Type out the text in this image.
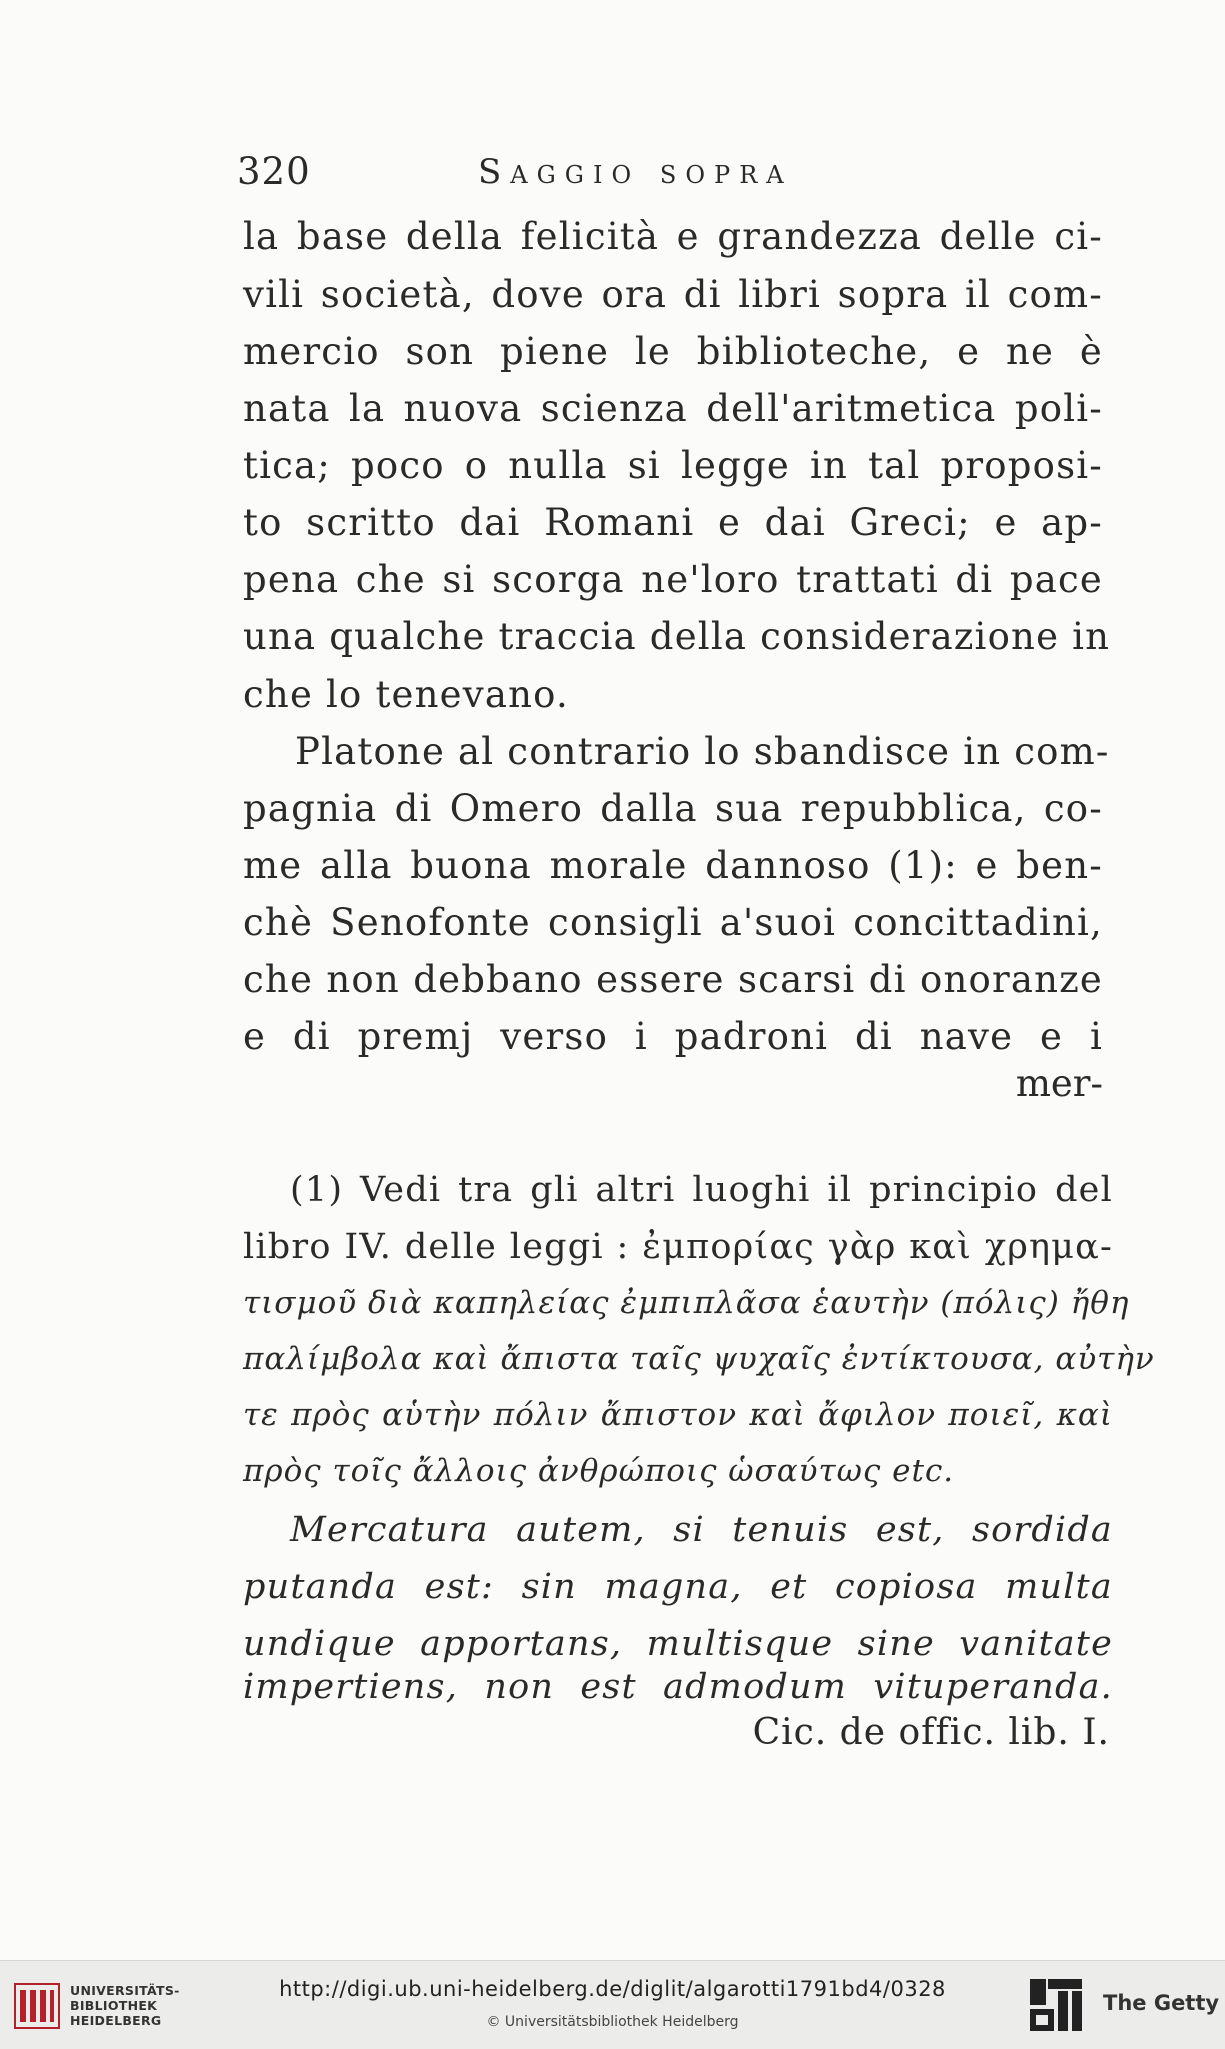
320	Saggio sopra
la base della felicità e grandezza delle ci-
vili società, dove ora di libri sopra il com-
mercio son piene le biblioteche, e ne è
nata la nuova scienza dell'aritmetica poli-
tica; poco o nulla si legge in tal proposi-
to scritto dai Romani e dai Greci; e ap-
pena che si scorga ne'loro trattati di pace
una qualche traccia della considerazione in
che lo tenevano.
Platone al contrario lo sbandisce in com-
pagnia di Omero dalla sua repubblica, co-
me alla buona morale dannoso (1): e ben-
chè Senofonte consigli a'suoi concittadini,
che non debbano essere scarsi di onoranze
e di premj verso i padroni di nave e i
mer-
(1) Vedi tra gli altri luoghi il principio del
libro IV. delle leggi : ἐμπορίας γὰρ καὶ χρημα-
τισμοῦ διὰ καπηλείας ἐμπιπλᾶσα ἑαυτὴν (πόλις) ἤθη
παλίμβολα καὶ ἄπιστα ταῖς ψυχαῖς ἐντίκτουσα, αὐτὴν
τε πρὸς αὑτὴν πόλιν ἄπιστον καὶ ἄφιλον ποιεῖ, καὶ
πρὸς τοῖς ἄλλοις ἀνθρώποις ὡσαύτως etc.
Mercatura autem, si tenuis est, sordida
putanda est: sin magna, et copiosa multa
undique apportans, multisque sine vanitate
impertiens, non est admodum vituperanda.
Cic. de offic. lib. I.
UNIVERSITÄTS-
BIBLIOTHEK
HEIDELBERG
http://digi.ub.uni-heidelberg.de/diglit/algarotti1791bd4/0328
© Universitätsbibliothek Heidelberg
The Getty
